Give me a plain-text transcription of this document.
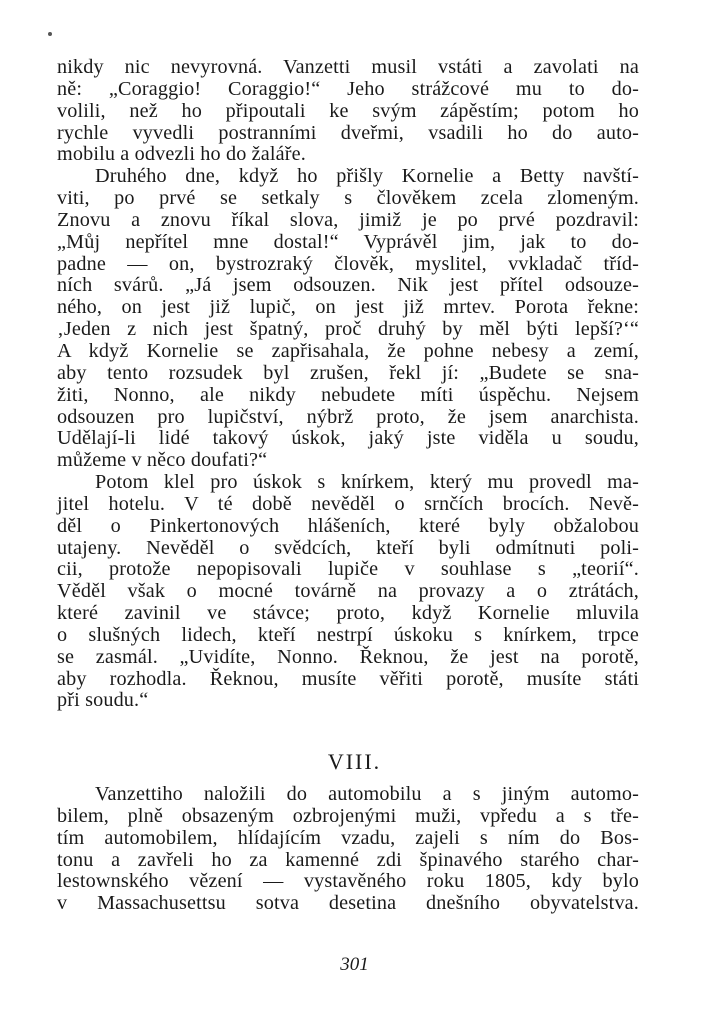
nikdy nic nevyrovná. Vanzetti musil vstáti a zavolati na
ně: „Coraggio! Coraggio!“ Jeho strážcové mu to do-
volili, než ho připoutali ke svým zápěstím; potom ho
rychle vyvedli postranními dveřmi, vsadili ho do auto-
mobilu a odvezli ho do žaláře.
Druhého dne, když ho přišly Kornelie a Betty navští-
viti, po prvé se setkaly s člověkem zcela zlomeným.
Znovu a znovu říkal slova, jimiž je po prvé pozdravil:
„Můj nepřítel mne dostal!“ Vyprávěl jim, jak to do-
padne — on, bystrozraký člověk, myslitel, vvkladač tříd-
ních svárů. „Já jsem odsouzen. Nik jest přítel odsouze-
ného, on jest již lupič, on jest již mrtev. Porota řekne:
‚Jeden z nich jest špatný, proč druhý by měl býti lepší?‘“
A když Kornelie se zapřisahala, že pohne nebesy a zemí,
aby tento rozsudek byl zrušen, řekl jí: „Budete se sna-
žiti, Nonno, ale nikdy nebudete míti úspěchu. Nejsem
odsouzen pro lupičství, nýbrž proto, že jsem anarchista.
Udělají-li lidé takový úskok, jaký jste viděla u soudu,
můžeme v něco doufati?“
Potom klel pro úskok s knírkem, který mu provedl ma-
jitel hotelu. V té době nevěděl o srnčích brocích. Nevě-
děl o Pinkertonových hlášeních, které byly obžalobou
utajeny. Nevěděl o svědcích, kteří byli odmítnuti poli-
cii, protože nepopisovali lupiče v souhlase s „teorií“.
Věděl však o mocné továrně na provazy a o ztrátách,
které zavinil ve stávce; proto, když Kornelie mluvila
o slušných lidech, kteří nestrpí úskoku s knírkem, trpce
se zasmál. „Uvidíte, Nonno. Řeknou, že jest na porotě,
aby rozhodla. Řeknou, musíte věřiti porotě, musíte státi
při soudu.“
VIII.
Vanzettiho naložili do automobilu a s jiným automo-
bilem, plně obsazeným ozbrojenými muži, vpředu a s tře-
tím automobilem, hlídajícím vzadu, zajeli s ním do Bos-
tonu a zavřeli ho za kamenné zdi špinavého starého char-
lestownského vězení — vystavěného roku 1805, kdy bylo
v Massachusettsu sotva desetina dnešního obyvatelstva.
301
